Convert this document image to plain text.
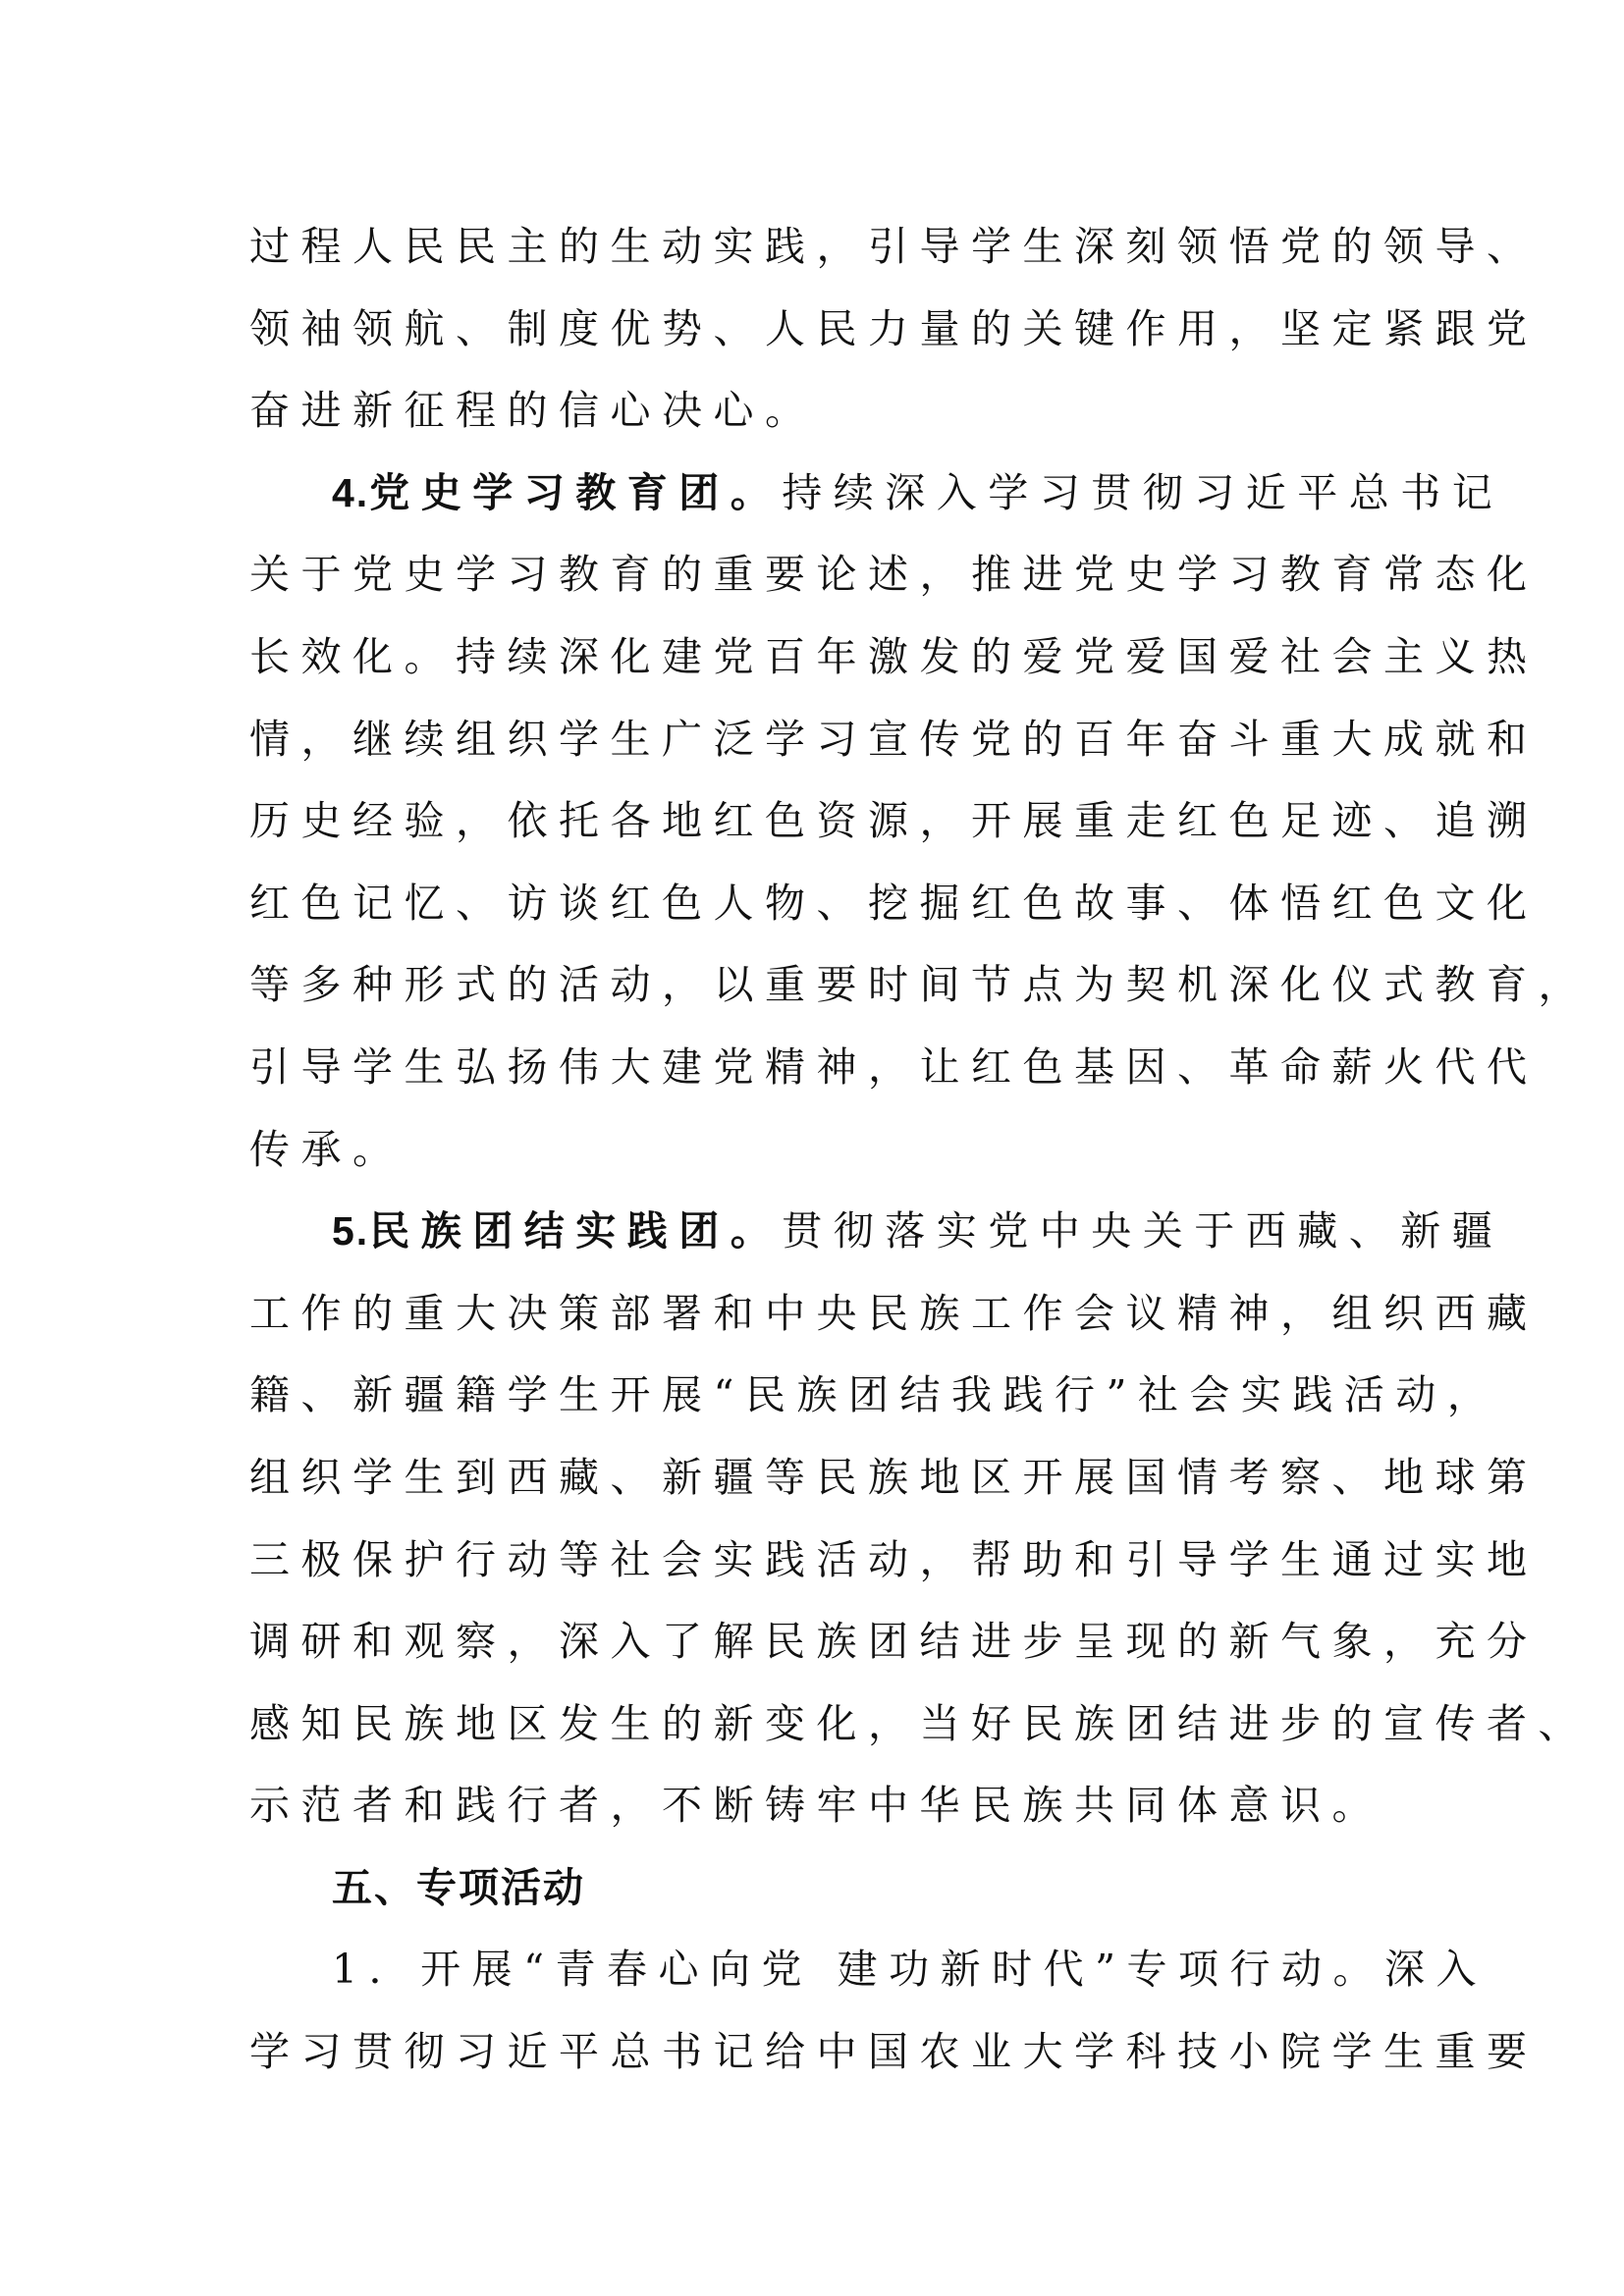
过程人民民主的生动实践，引导学生深刻领悟党的领导、
领袖领航、制度优势、人民力量的关键作用，坚定紧跟党
奋进新征程的信心决心。
4.党史学习教育团。持续深入学习贯彻习近平总书记
关于党史学习教育的重要论述，推进党史学习教育常态化
长效化。持续深化建党百年激发的爱党爱国爱社会主义热
情，继续组织学生广泛学习宣传党的百年奋斗重大成就和
历史经验，依托各地红色资源，开展重走红色足迹、追溯
红色记忆、访谈红色人物、挖掘红色故事、体悟红色文化
等多种形式的活动，以重要时间节点为契机深化仪式教育，
引导学生弘扬伟大建党精神，让红色基因、革命薪火代代
传承。
5.民族团结实践团。贯彻落实党中央关于西藏、新疆
工作的重大决策部署和中央民族工作会议精神，组织西藏
籍、新疆籍学生开展“民族团结我践行”社会实践活动，
组织学生到西藏、新疆等民族地区开展国情考察、地球第
三极保护行动等社会实践活动，帮助和引导学生通过实地
调研和观察，深入了解民族团结进步呈现的新气象，充分
感知民族地区发生的新变化，当好民族团结进步的宣传者、
示范者和践行者，不断铸牢中华民族共同体意识。
五、专项活动
1．开展“青春心向党 建功新时代”专项行动。深入
学习贯彻习近平总书记给中国农业大学科技小院学生重要
